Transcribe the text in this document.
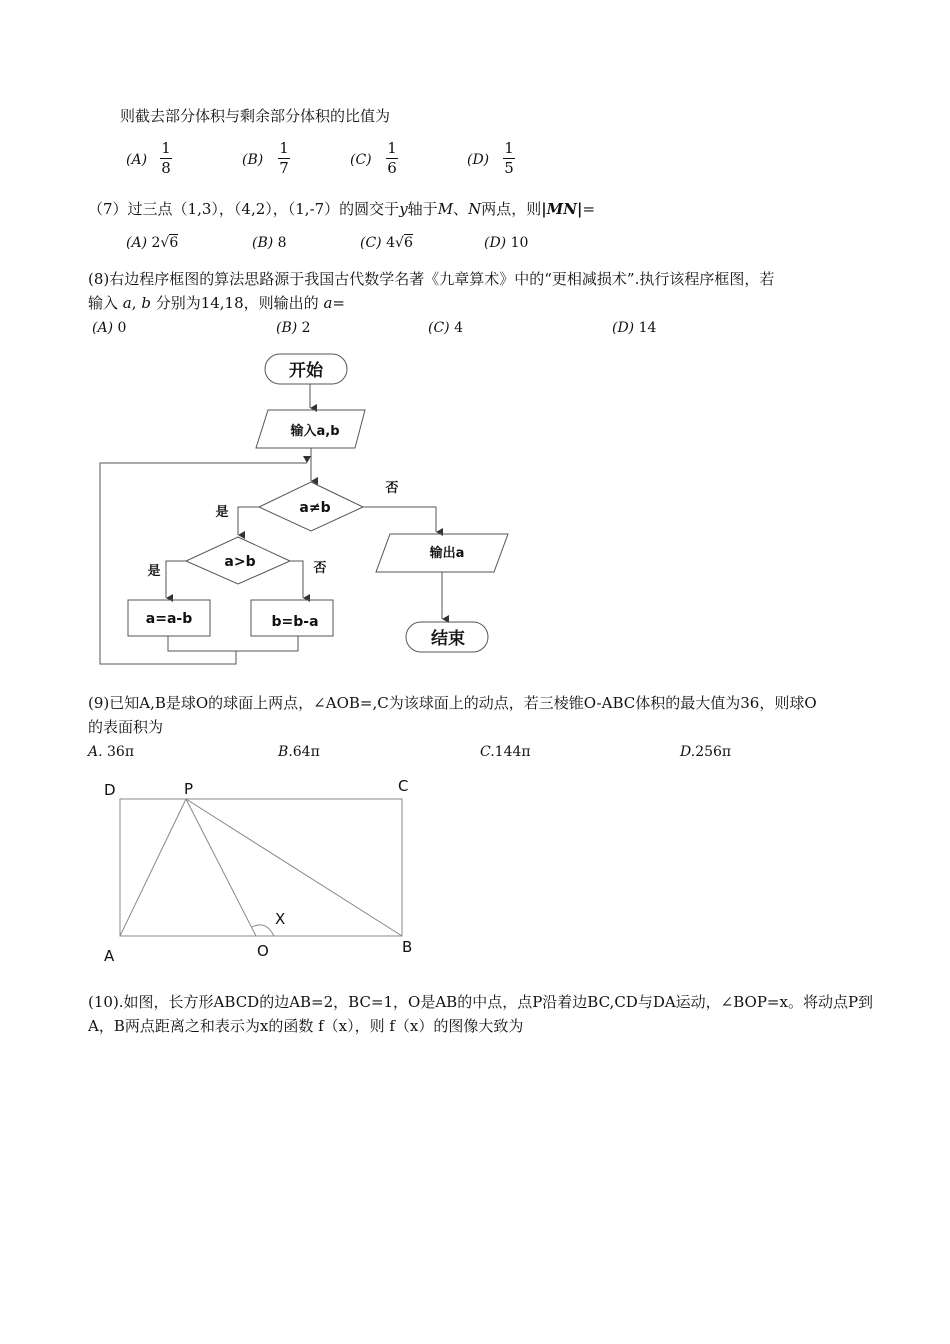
则截去部分体积与剩余部分体积的比值为
(A)
1
8	(B)
1
7	(C)
1
6	(D)
1
5
（7）过三点（1,3），（4,2），（1,-7）的圆交于y轴于M、N两点，则|MN|=
(A) 2√6	(B) 8	(C) 4√6	(D) 10
(8)右边程序框图的算法思路源于我国古代数学名著《九章算术》中的“更相减损术”.执行该程序框图，若
输入 a, b 分别为14,18，则输出的 a=
(A) 0	(B) 2	(C) 4	(D) 14
开始
输入a,b
a≠b
a>b
是
否
是	否
a=a-b	b=b-a
输出a
结束
(9)已知A,B是球O的球面上两点，∠AOB=,C为该球面上的动点，若三棱锥O-ABC体积的最大值为36，则球O
的表面积为
A. 36π	B.64π	C.144π	D.256π
D	P	C
A	O	B
X
(10).如图，长方形ABCD的边AB=2，BC=1，O是AB的中点，点P沿着边BC,CD与DA运动，∠BOP=x。将动点P到
A，B两点距离之和表示为x的函数 f（x），则 f（x）的图像大致为
